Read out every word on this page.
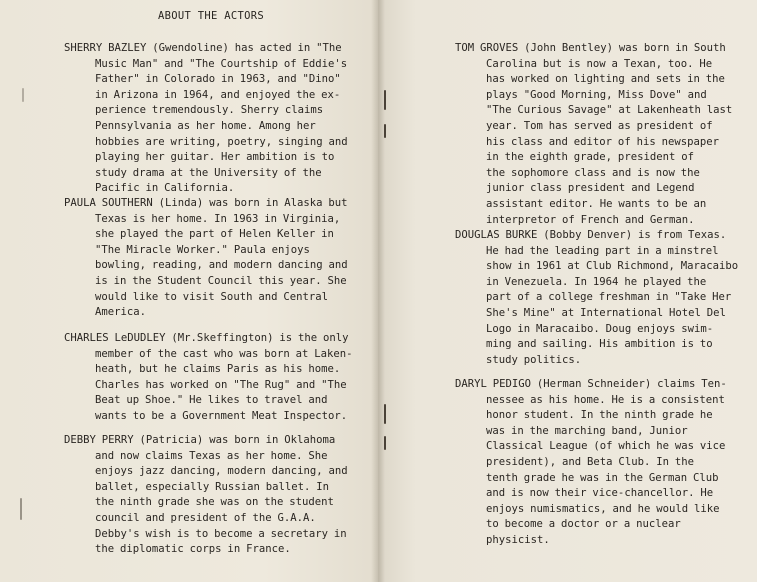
ABOUT THE ACTORS
SHERRY BAZLEY (Gwendoline) has acted in "The
Music Man" and "The Courtship of Eddie's
Father" in Colorado in 1963, and "Dino"
in Arizona in 1964, and enjoyed the ex-
perience tremendously. Sherry claims
Pennsylvania as her home. Among her
hobbies are writing, poetry, singing and
playing her guitar. Her ambition is to
study drama at the University of the
Pacific in California.
PAULA SOUTHERN (Linda) was born in Alaska but
Texas is her home. In 1963 in Virginia,
she played the part of Helen Keller in
"The Miracle Worker." Paula enjoys
bowling, reading, and modern dancing and
is in the Student Council this year. She
would like to visit South and Central
America.
CHARLES LeDUDLEY (Mr.Skeffington) is the only
member of the cast who was born at Laken-
heath, but he claims Paris as his home.
Charles has worked on "The Rug" and "The
Beat up Shoe." He likes to travel and
wants to be a Government Meat Inspector.
DEBBY PERRY (Patricia) was born in Oklahoma
and now claims Texas as her home. She
enjoys jazz dancing, modern dancing, and
ballet, especially Russian ballet. In
the ninth grade she was on the student
council and president of the G.A.A.
Debby's wish is to become a secretary in
the diplomatic corps in France.
TOM GROVES (John Bentley) was born in South
Carolina but is now a Texan, too. He
has worked on lighting and sets in the
plays "Good Morning, Miss Dove" and
"The Curious Savage" at Lakenheath last
year. Tom has served as president of
his class and editor of his newspaper
in the eighth grade, president of
the sophomore class and is now the
junior class president and Legend
assistant editor. He wants to be an
interpretor of French and German.
DOUGLAS BURKE (Bobby Denver) is from Texas.
He had the leading part in a minstrel
show in 1961 at Club Richmond, Maracaibo
in Venezuela. In 1964 he played the
part of a college freshman in "Take Her
She's Mine" at International Hotel Del
Logo in Maracaibo. Doug enjoys swim-
ming and sailing. His ambition is to
study politics.
DARYL PEDIGO (Herman Schneider) claims Ten-
nessee as his home. He is a consistent
honor student. In the ninth grade he
was in the marching band, Junior
Classical League (of which he was vice
president), and Beta Club. In the
tenth grade he was in the German Club
and is now their vice-chancellor. He
enjoys numismatics, and he would like
to become a doctor or a nuclear
physicist.
